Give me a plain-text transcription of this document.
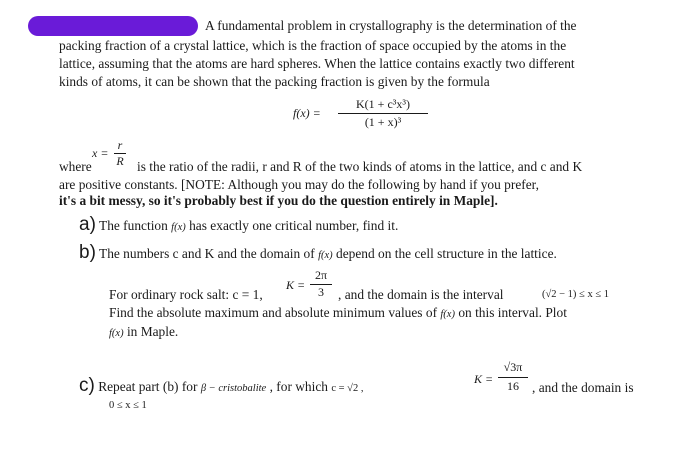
A fundamental problem in crystallography is the determination of the
packing fraction of a crystal lattice, which is the fraction of space occupied by the atoms in the
lattice, assuming that the atoms are hard spheres. When the lattice contains exactly two different
kinds of atoms, it can be shown that the packing fraction is given by the formula
f(x) =
K(1 + c³x³)
(1 + x)³
x =
r
R
where	is the ratio of the radii, r and R of the two kinds of atoms in the lattice, and c and K
are positive constants. [NOTE: Although you may do the following by hand if you prefer,
it's a bit messy, so it's probably best if you do the question entirely in Maple].
a) The function f(x) has exactly one critical number, find it.
b) The numbers c and K and the domain of f(x) depend on the cell structure in the lattice.
K =
2π
3
For ordinary rock salt: c = 1,	, and the domain is the interval	(√2 − 1) ≤ x ≤ 1
Find the absolute maximum and absolute minimum values of f(x) on this interval. Plot
f(x) in Maple.
c) Repeat part (b) for β − cristobalite , for which c = √2 ,
K =
√3π
16 , and the domain is
0 ≤ x ≤ 1
